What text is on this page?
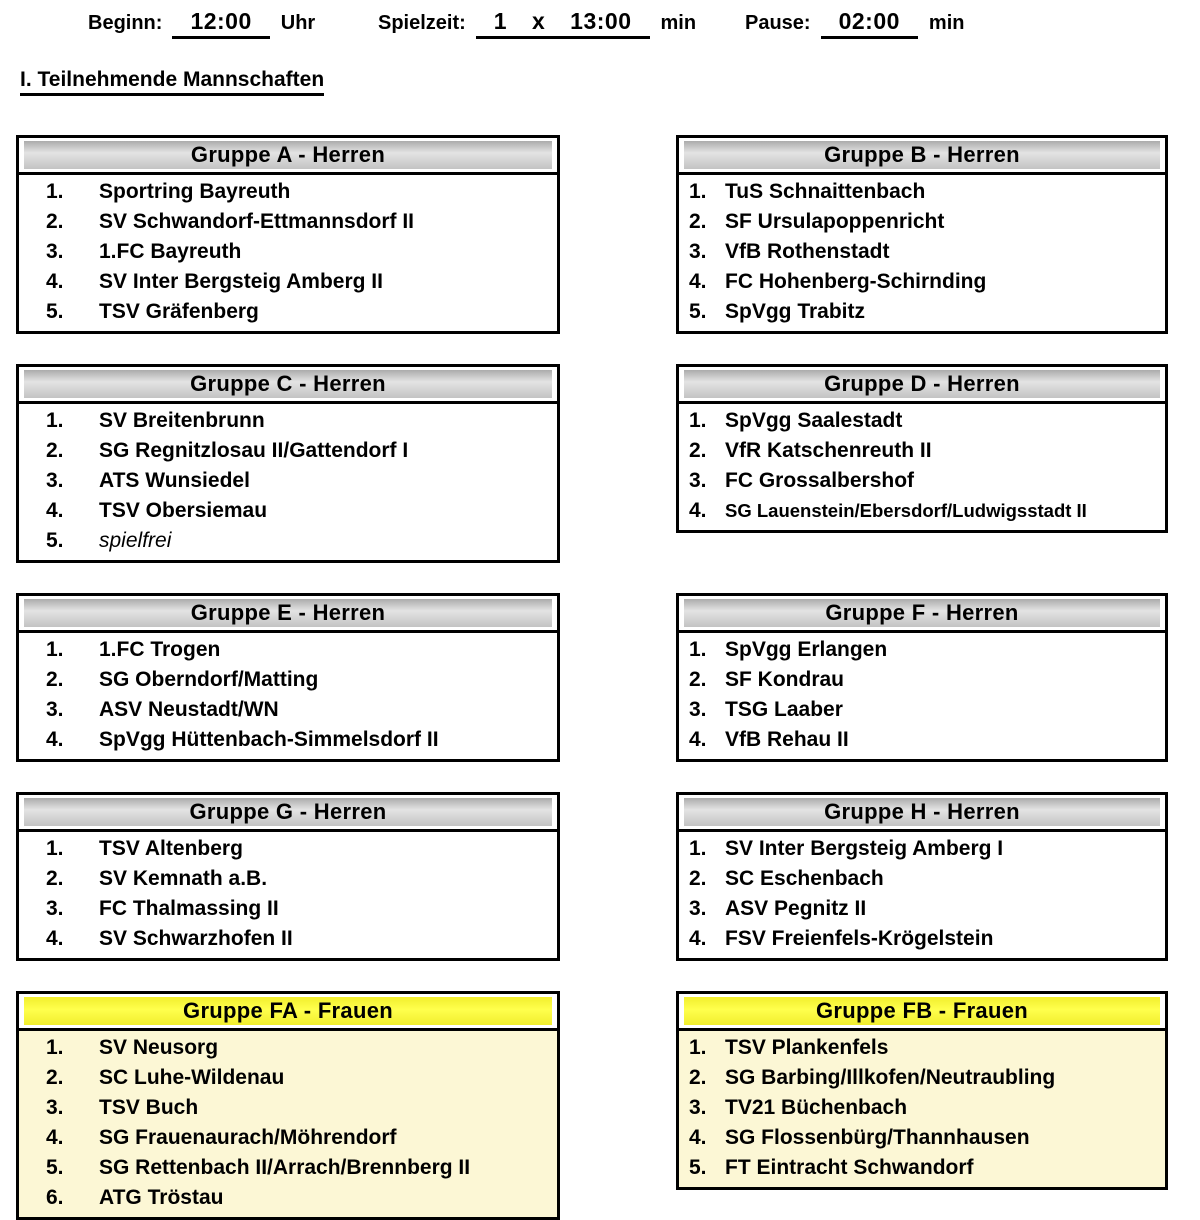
Beginn:	12:00	Uhr	Spielzeit:	1 x 13:00	min Pause:	02:00	min
I. Teilnehmende Mannschaften
Gruppe A - Herren
1.	Sportring Bayreuth
2.	SV Schwandorf-Ettmannsdorf II
3.	1.FC Bayreuth
4.	SV Inter Bergsteig Amberg II
5.	TSV Gräfenberg
Gruppe B - Herren
1. TuS Schnaittenbach
2. SF Ursulapoppenricht
3. VfB Rothenstadt
4. FC Hohenberg-Schirnding
5. SpVgg Trabitz
Gruppe C - Herren
1.	SV Breitenbrunn
2.	SG Regnitzlosau II/Gattendorf I
3.	ATS Wunsiedel
4.	TSV Obersiemau
5.	spielfrei
Gruppe D - Herren
1. SpVgg Saalestadt
2. VfR Katschenreuth II
3. FC Grossalbershof
4. SG Lauenstein/Ebersdorf/Ludwigsstadt II
Gruppe E - Herren
1.	1.FC Trogen
2.	SG Oberndorf/Matting
3.	ASV Neustadt/WN
4.	SpVgg Hüttenbach-Simmelsdorf II
Gruppe F - Herren
1. SpVgg Erlangen
2. SF Kondrau
3. TSG Laaber
4. VfB Rehau II
Gruppe G - Herren
1.	TSV Altenberg
2.	SV Kemnath a.B.
3.	FC Thalmassing II
4.	SV Schwarzhofen II
Gruppe H - Herren
1. SV Inter Bergsteig Amberg I
2. SC Eschenbach
3. ASV Pegnitz II
4. FSV Freienfels-Krögelstein
Gruppe FA - Frauen
1.	SV Neusorg
2.	SC Luhe-Wildenau
3.	TSV Buch
4.	SG Frauenaurach/Möhrendorf
5.	SG Rettenbach II/Arrach/Brennberg II
6.	ATG Tröstau
Gruppe FB - Frauen
1. TSV Plankenfels
2. SG Barbing/Illkofen/Neutraubling
3. TV21 Büchenbach
4. SG Flossenbürg/Thannhausen
5. FT Eintracht Schwandorf
